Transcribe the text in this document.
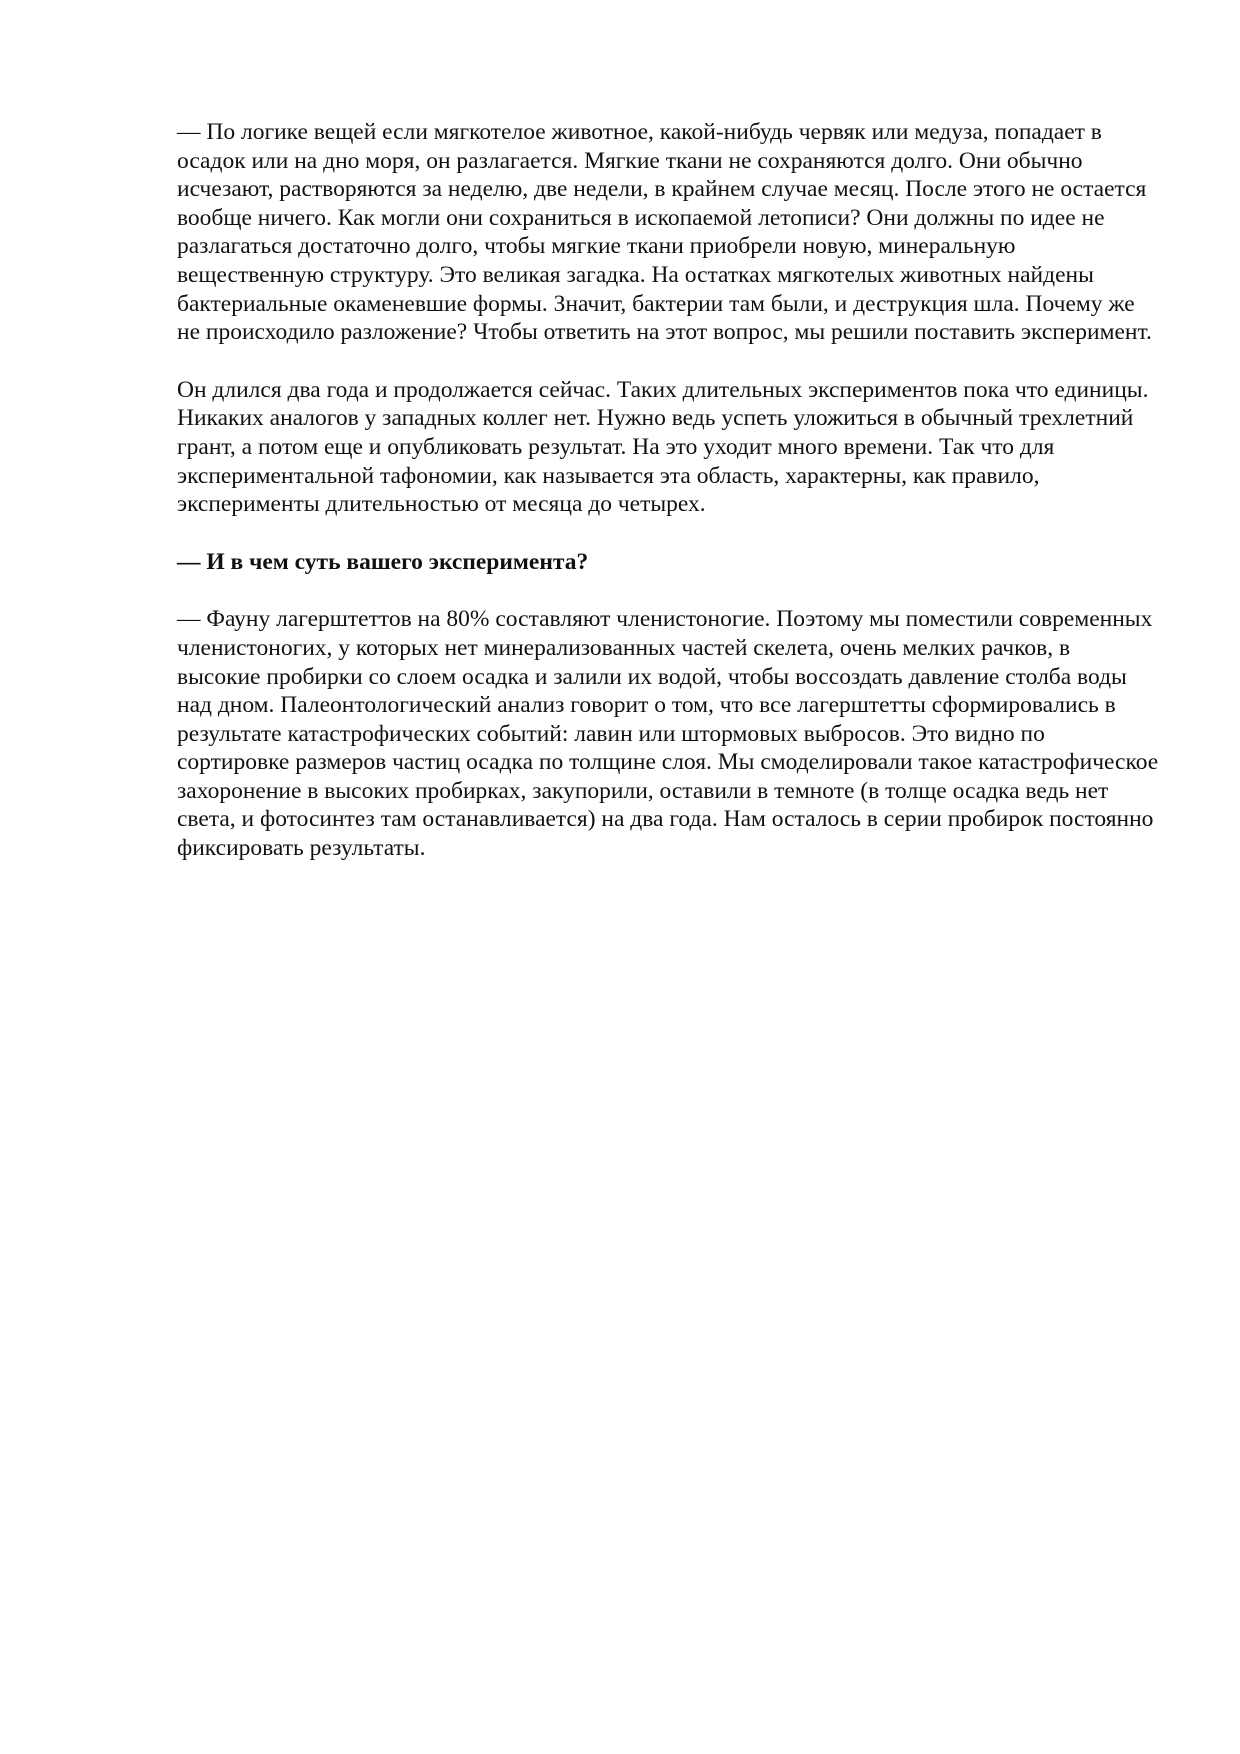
— По логике вещей если мягкотелое животное, какой-нибудь червяк или медуза, попадает в осадок или на дно моря, он разлагается. Мягкие ткани не сохраняются долго. Они обычно исчезают, растворяются за неделю, две недели, в крайнем случае месяц. После этого не остается вообще ничего. Как могли они сохраниться в ископаемой летописи? Они должны по идее не разлагаться достаточно долго, чтобы мягкие ткани приобрели новую, минеральную вещественную структуру. Это великая загадка. На остатках мягкотелых животных найдены бактериальные окаменевшие формы. Значит, бактерии там были, и деструкция шла. Почему же не происходило разложение? Чтобы ответить на этот вопрос, мы решили поставить эксперимент.

Он длился два года и продолжается сейчас. Таких длительных экспериментов пока что единицы. Никаких аналогов у западных коллег нет. Нужно ведь успеть уложиться в обычный трехлетний грант, а потом еще и опубликовать результат. На это уходит много времени. Так что для экспериментальной тафономии, как называется эта область, характерны, как правило, эксперименты длительностью от месяца до четырех.

— И в чем суть вашего эксперимента?

— Фауну лагерштеттов на 80% составляют членистоногие. Поэтому мы поместили современных членистоногих, у которых нет минерализованных частей скелета, очень мелких рачков, в высокие пробирки со слоем осадка и залили их водой, чтобы воссоздать давление столба воды над дном. Палеонтологический анализ говорит о том, что все лагерштетты сформировались в результате катастрофических событий: лавин или штормовых выбросов. Это видно по сортировке размеров частиц осадка по толщине слоя. Мы смоделировали такое катастрофическое захоронение в высоких пробирках, закупорили, оставили в темноте (в толще осадка ведь нет света, и фотосинтез там останавливается) на два года. Нам осталось в серии пробирок постоянно фиксировать результаты.
